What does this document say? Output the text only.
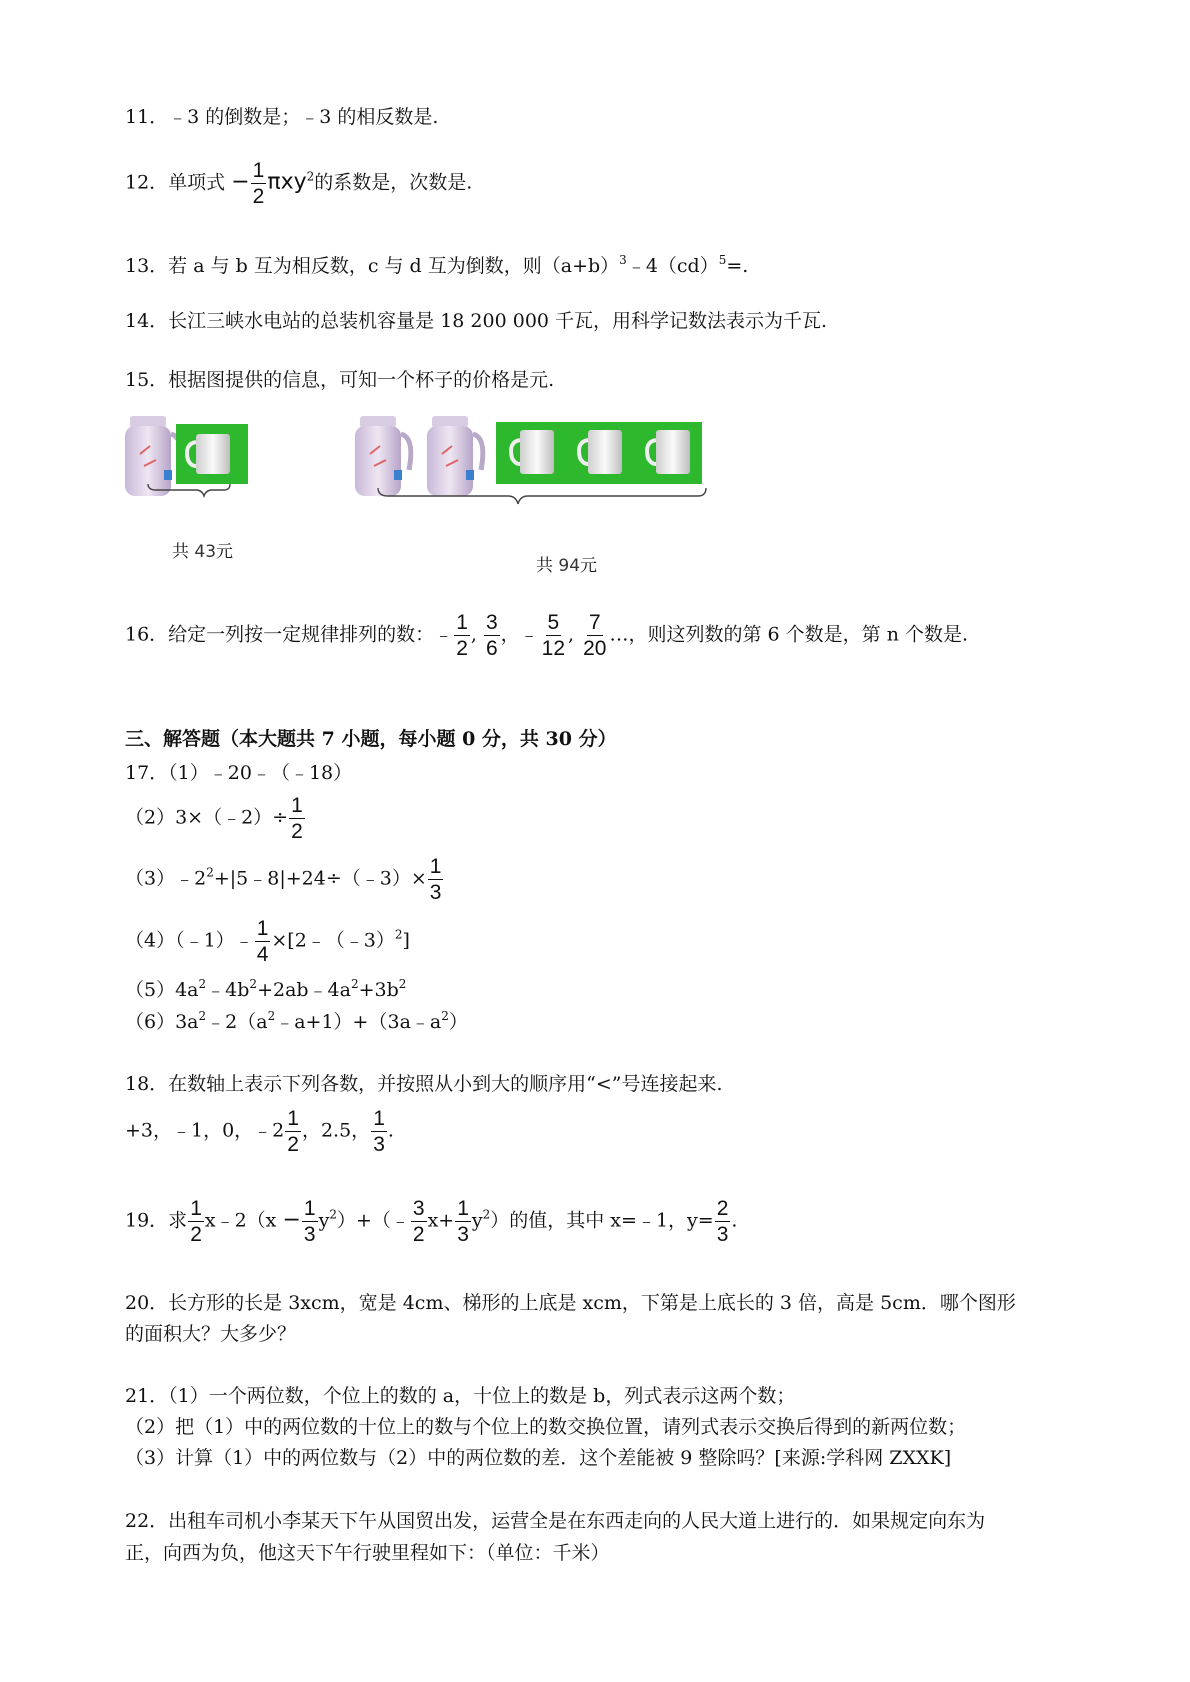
11．﹣3 的倒数是；﹣3 的相反数是.
12．单项式 − $\frac{1}{2} \pi xy^2$的系数是，次数是.
13．若 a 与 b 互为相反数，c 与 d 互为倒数，则$(a+b)^3﹣4(cd)^5=$.
14．长江三峡水电站的总装机容量是 18 200 000 千瓦，用科学记数法表示为千瓦.
15．根据图提供的信息，可知一个杯子的价格是元.
共 43元
共 94元
16．给定一列按一定规律排列的数：﹣ $\frac{1}{2}$ , $\frac{3}{6}$ ，﹣ $\frac{5}{12}$ , $\frac{7}{20}$ …，则这列数的第 6 个数是，第 n 个数是.
三、解答题（本大题共 7 小题，每小题 0 分，共 30 分）
17．（1）﹣20﹣（﹣18）
（2）3×（﹣2）÷ $\frac{1}{2}$
$(3)﹣2^2+|5﹣8|+24\div(﹣3)\times \frac{1}{3}$
（4）（﹣1）﹣ $\frac{1}{4}$ ×[2﹣（﹣3）$^2$]
$(5)4a^2﹣4b^2+2ab﹣4a^2+3b^2$
$(6)3a^2﹣2(a^2﹣a+1)+(3a﹣a^2)$
18．在数轴上表示下列各数，并按照从小到大的顺序用“<”号连接起来.
+3，﹣1，0，﹣2 $\frac{1}{2}$ ，2.5， $\frac{1}{3}$ .
19．求 $\frac{1}{2}$ x﹣2（x − $\frac{1}{3}$ $y^2)+(﹣ \frac{3}{2} x+ \frac{1}{3} y^2)$的值，其中 x=﹣1，$y= \frac{2}{3}$ .
20．长方形的长是 3xcm，宽是 4cm、梯形的上底是 xcm，下第是上底长的 3 倍，高是 5cm．哪个图形
的面积大？大多少？
21．（1）一个两位数，个位上的数的 a，十位上的数是 b，列式表示这两个数；
（2）把（1）中的两位数的十位上的数与个位上的数交换位置，请列式表示交换后得到的新两位数；
（3）计算（1）中的两位数与（2）中的两位数的差．这个差能被 9 整除吗？[来源:学科网 ZXXK]
22．出租车司机小李某天下午从国贸出发，运营全是在东西走向的人民大道上进行的．如果规定向东为
正，向西为负，他这天下午行驶里程如下：（单位：千米）
